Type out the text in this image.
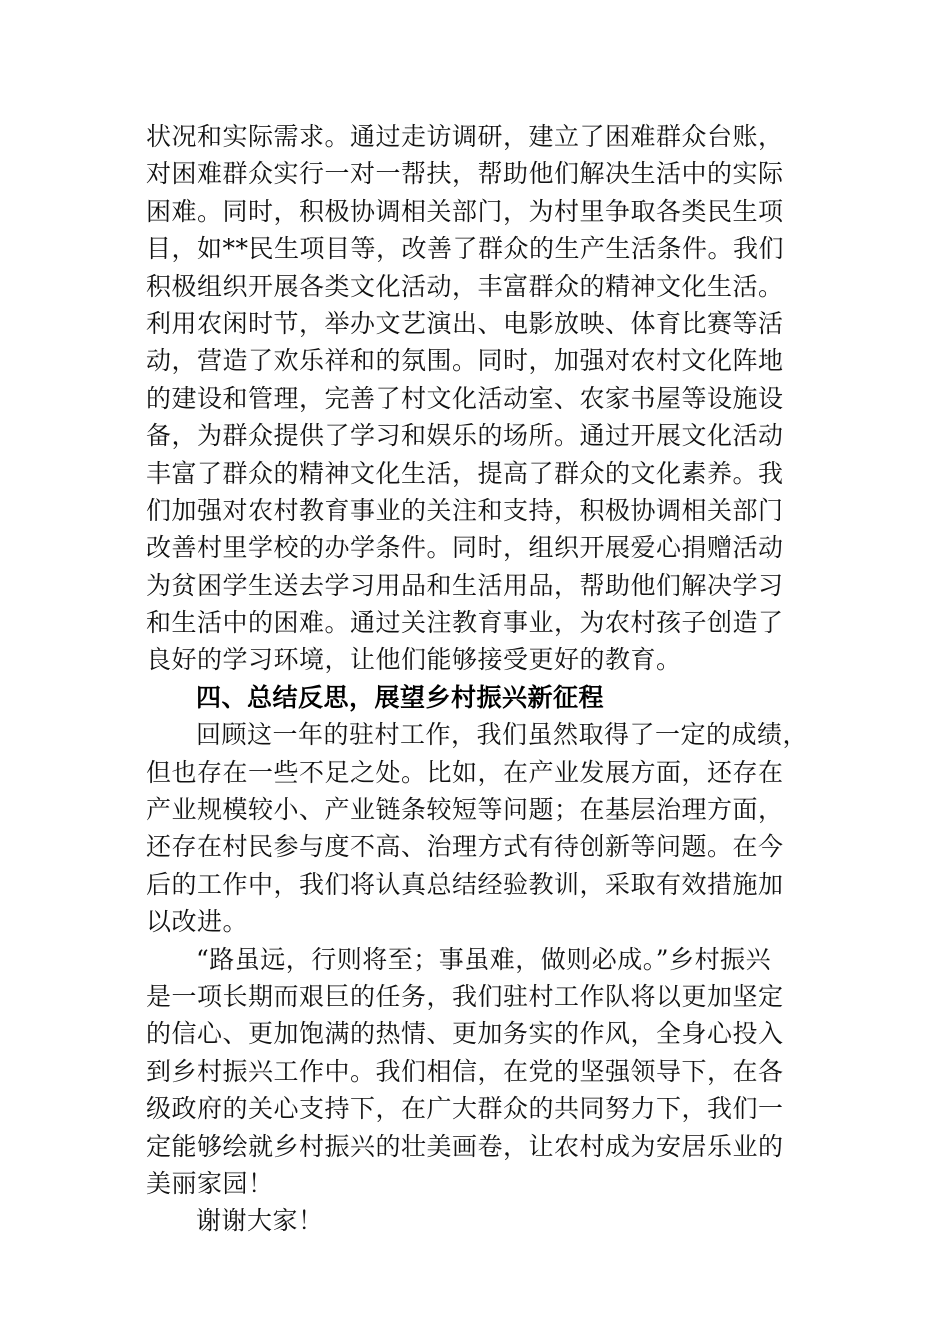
状况和实际需求。通过走访调研，建立了困难群众台账，
对困难群众实行一对一帮扶，帮助他们解决生活中的实际
困难。同时，积极协调相关部门，为村里争取各类民生项
目，如**民生项目等，改善了群众的生产生活条件。我们
积极组织开展各类文化活动，丰富群众的精神文化生活。
利用农闲时节，举办文艺演出、电影放映、体育比赛等活
动，营造了欢乐祥和的氛围。同时，加强对农村文化阵地
的建设和管理，完善了村文化活动室、农家书屋等设施设
备，为群众提供了学习和娱乐的场所。通过开展文化活动
丰富了群众的精神文化生活，提高了群众的文化素养。我
们加强对农村教育事业的关注和支持，积极协调相关部门
改善村里学校的办学条件。同时，组织开展爱心捐赠活动
为贫困学生送去学习用品和生活用品，帮助他们解决学习
和生活中的困难。通过关注教育事业，为农村孩子创造了
良好的学习环境，让他们能够接受更好的教育。
四、总结反思，展望乡村振兴新征程
回顾这一年的驻村工作，我们虽然取得了一定的成绩，
但也存在一些不足之处。比如，在产业发展方面，还存在
产业规模较小、产业链条较短等问题；在基层治理方面，
还存在村民参与度不高、治理方式有待创新等问题。在今
后的工作中，我们将认真总结经验教训，采取有效措施加
以改进。
“路虽远，行则将至；事虽难，做则必成。”乡村振兴
是一项长期而艰巨的任务，我们驻村工作队将以更加坚定
的信心、更加饱满的热情、更加务实的作风，全身心投入
到乡村振兴工作中。我们相信，在党的坚强领导下，在各
级政府的关心支持下，在广大群众的共同努力下，我们一
定能够绘就乡村振兴的壮美画卷，让农村成为安居乐业的
美丽家园！
谢谢大家！
